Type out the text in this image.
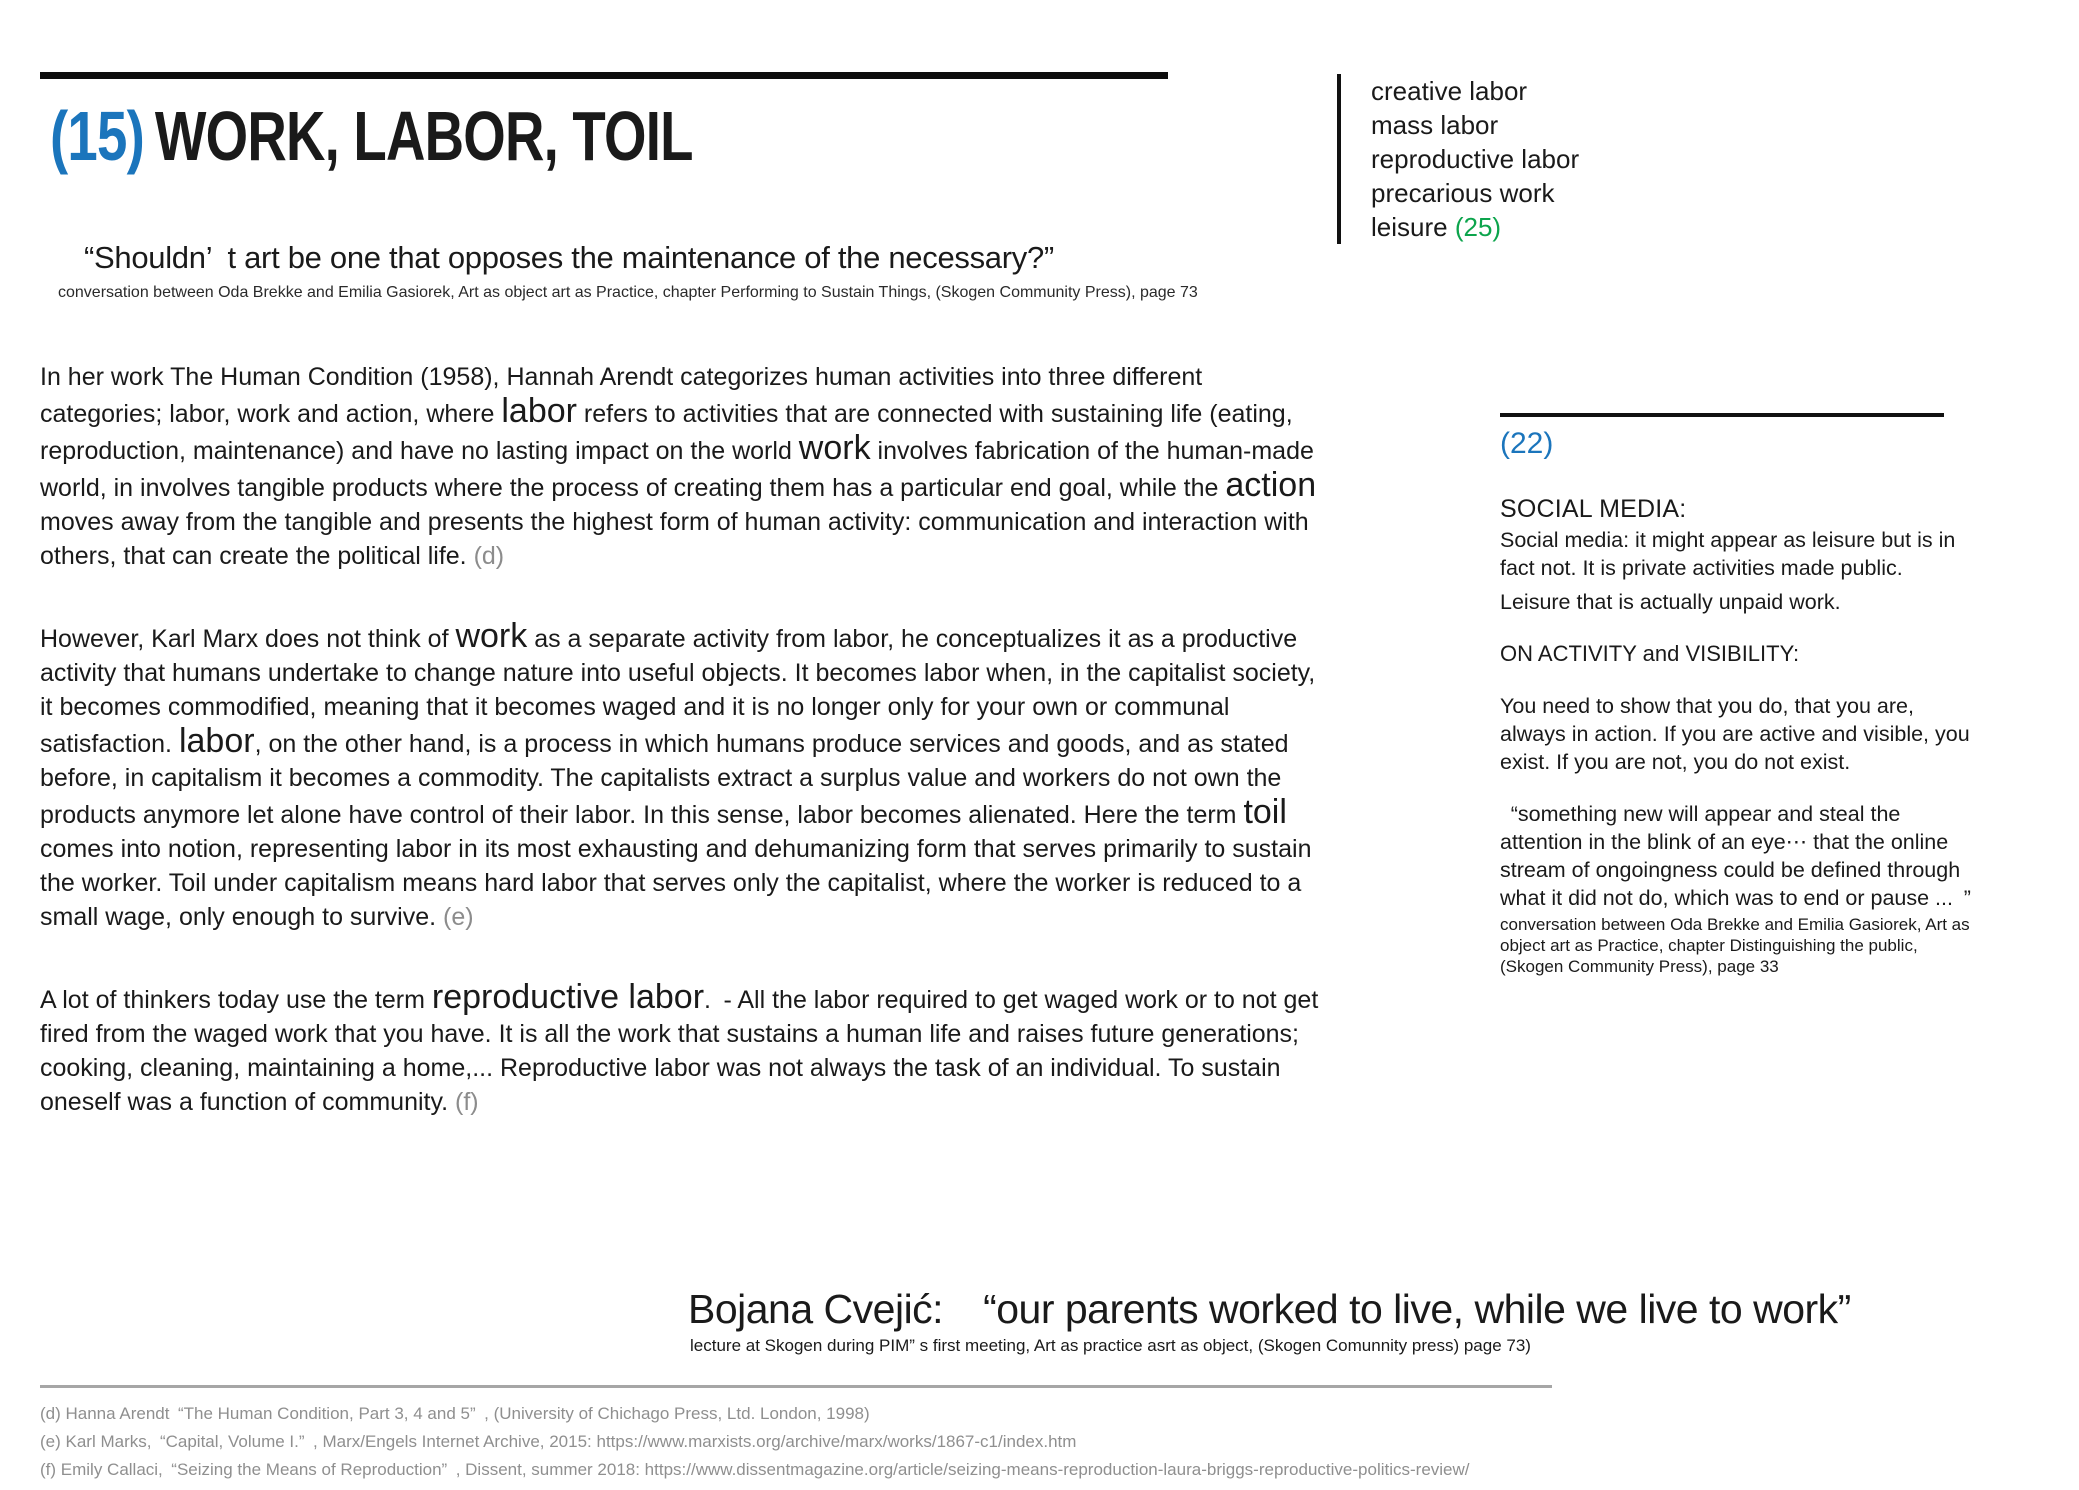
(15) WORK, LABOR, TOIL
creative labor
mass labor
reproductive labor
precarious work
leisure (25)
“Shouldn’ t art be one that opposes the maintenance of the necessary?”
conversation between Oda Brekke and Emilia Gasiorek, Art as object art as Practice, chapter Performing to Sustain Things, (Skogen Community Press), page 73

In her work The Human Condition (1958), Hannah Arendt categorizes human activities into three different categories; labor, work and action, where labor refers to activities that are connected with sustaining life (eating, reproduction, maintenance) and have no lasting impact on the world work involves fabrication of the human-made world, in involves tangible products where the process of creating them has a particular end goal, while the action moves away from the tangible and presents the highest form of human activity: communication and interaction with others, that can create the political life. (d)

However, Karl Marx does not think of work as a separate activity from labor, he conceptualizes it as a productive activity that humans undertake to change nature into useful objects. It becomes labor when, in the capitalist society, it becomes commodified, meaning that it becomes waged and it is no longer only for your own or communal satisfaction. labor, on the other hand, is a process in which humans produce services and goods, and as stated before, in capitalism it becomes a commodity. The capitalists extract a surplus value and workers do not own the products anymore let alone have control of their labor. In this sense, labor becomes alienated. Here the term toil comes into notion, representing labor in its most exhausting and dehumanizing form that serves primarily to sustain the worker. Toil under capitalism means hard labor that serves only the capitalist, where the worker is reduced to a small wage, only enough to survive. (e)

A lot of thinkers today use the term reproductive labor. - All the labor required to get waged work or to not get fired from the waged work that you have. It is all the work that sustains a human life and raises future generations; cooking, cleaning, maintaining a home,... Reproductive labor was not always the task of an individual. To sustain oneself was a function of community. (f)

(22)

SOCIAL MEDIA:

Social media: it might appear as leisure but is in fact not. It is private activities made public.

Leisure that is actually unpaid work.

ON ACTIVITY and VISIBILITY:

You need to show that you do, that you are, always in action. If you are active and visible, you exist. If you are not, you do not exist.

 “something new will appear and steal the attention in the blink of an eye⋯ that the online stream of ongoingness could be defined through what it did not do, which was to end or pause ... ”

conversation between Oda Brekke and Emilia Gasiorek, Art as object art as Practice, chapter Distinguishing the public, (Skogen Community Press), page 33

Bojana Cvejić:  “our parents worked to live, while we live to work”
lecture at Skogen during PIM” s first meeting, Art as practice asrt as object, (Skogen Comunnity press) page 73)
(d) Hanna Arendt “The Human Condition, Part 3, 4 and 5” , (University of Chichago Press, Ltd. London, 1998)
(e) Karl Marks, “Capital, Volume I.” , Marx/Engels Internet Archive, 2015: https://www.marxists.org/archive/marx/works/1867-c1/index.htm
(f) Emily Callaci, “Seizing the Means of Reproduction” , Dissent, summer 2018: https://www.dissentmagazine.org/article/seizing-means-reproduction-laura-briggs-reproductive-politics-review/
